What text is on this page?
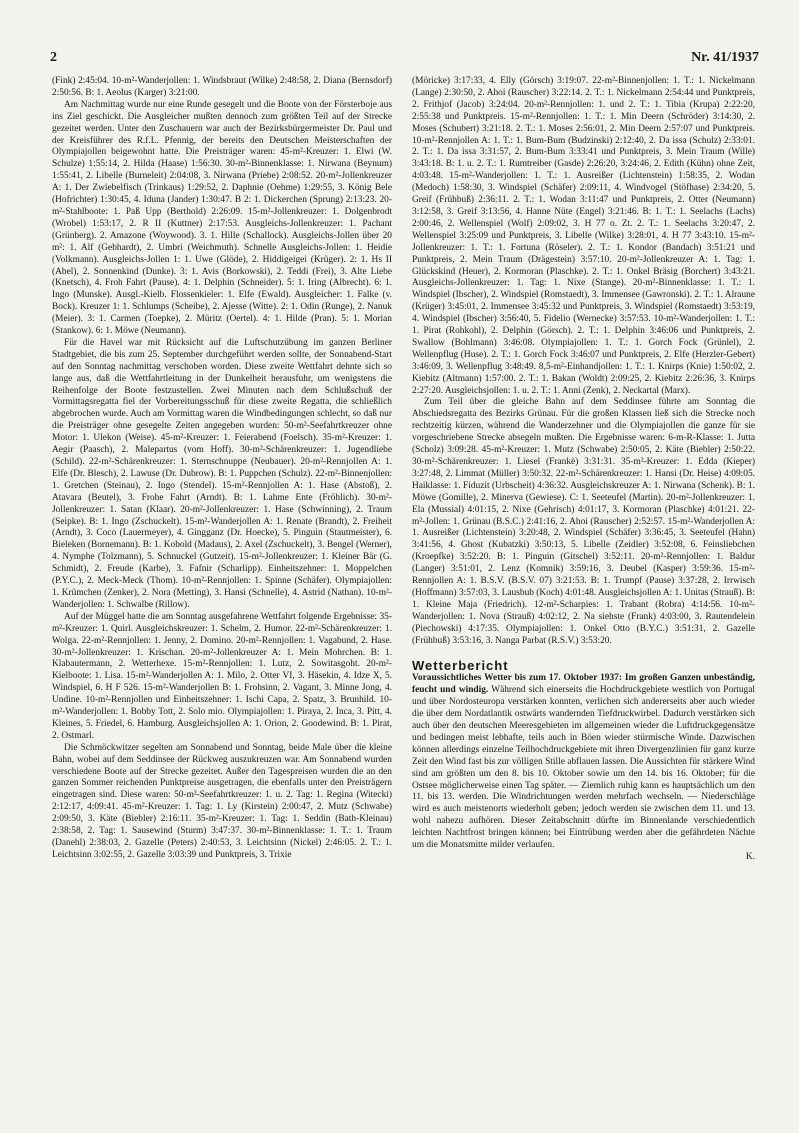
2	Nr. 41/1937

(Fink) 2:45:04. 10-m²-Wanderjollen: 1. Windsbraut (Wilke) 2:48:58, 2. Diana (Bernsdorf) 2:50:56. B: 1. Aeolus (Karger) 3:21:00.

Am Nachmittag wurde nur eine Runde gesegelt und die Boote von der Försterboje aus ins Ziel geschickt. Die Ausgleicher mußten dennoch zum größten Teil auf der Strecke gezeitet werden. Unter den Zuschauern war auch der Bezirksbürgermeister Dr. Paul und der Kreisführer des R.f.L. Pfennig, der bereits den Deutschen Meisterschaften der Olympiajollen beigewohnt hatte. Die Preisträger waren: 45-m²-Kreuzer: 1. Elwi (W. Schulze) 1:55:14, 2. Hilda (Haase) 1:56:30. 30-m²-Binnenklasse: 1. Nirwana (Beynum) 1:55:41, 2. Libelle (Burneleit) 2:04:08, 3. Nirwana (Priebe) 2:08:52. 20-m²-Jollenkreuzer A: 1. Der Zwiebelfisch (Trinkaus) 1:29:52, 2. Daphnie (Oehme) 1:29:55, 3. König Bele (Hofrichter) 1:30:45, 4. Iduna (Jander) 1:30:47. B 2: 1. Dickerchen (Sprung) 2:13:23. 20-m²-Stahlboote: 1. Paß Upp (Berthold) 2:26:09. 15-m²-Jollenkreuzer: 1. Dolgenbrodt (Wrobel) 1:53:17, 2. R II (Kuttner) 2:17:53. Ausgleichs-Jollenkreuzer: 1. Pachant (Grünberg). 2. Amazone (Woywood). 3. 1. Hille (Schallock). Ausgleichs-Jollen über 20 m²: 1. Alf (Gebhardt), 2. Umbri (Weichmuth). Schnelle Ausgleichs-Jollen: 1. Heidie (Volkmann). Ausgleichs-Jollen 1: 1. Uwe (Glöde), 2. Hiddigeigei (Krüger). 2: 1. Hs II (Abel), 2. Sonnenkind (Dunke). 3: 1. Avis (Borkowski), 2. Teddi (Frei), 3. Alte Liebe (Knetsch), 4. Froh Fahrt (Pause). 4: 1. Delphin (Schneider). 5: 1. Iring (Albrecht). 6: 1. Ingo (Munske). Ausgl.-Kielb. Flossenkieler: 1. Elfe (Ewald). Ausgleicher: 1. Falke (v. Bock). Kreuzer 1: 1. Schlumps (Scheibe), 2. Ajesse (Witte). 2: 1. Odin (Runge), 2. Nanuk (Meier). 3: 1. Carmen (Toepke), 2. Müritz (Oertel). 4: 1. Hilde (Pran). 5: 1. Morian (Stankow). 6: 1. Möwe (Neumann).

Für die Havel war mit Rücksicht auf die Luftschutzübung im ganzen Berliner Stadtgebiet, die bis zum 25. September durchgeführt werden sollte, der Sonnabend-Start auf den Sonntag nachmittag verschoben worden. Diese zweite Wettfahrt dehnte sich so lange aus, daß die Wettfahrtleitung in der Dunkelheit herausfuhr, um wenigstens die Reihenfolge der Boote festzustellen. Zwei Minuten nach dem Schlußschuß der Vormittagsregatta fiel der Vorbereitungsschuß für diese zweite Regatta, die schließlich abgebrochen wurde. Auch am Vormittag waren die Windbedingungen schlecht, so daß nur die Preisträger ohne gesegelte Zeiten angegeben wurden: 50-m²-Seefahrtkreuzer ohne Motor: 1. Ulekon (Weise). 45-m²-Kreuzer: 1. Feierabend (Foelsch). 35-m²-Kreuzer: 1. Aegir (Paasch), 2. Malepartus (vom Hoff). 30-m²-Schärenkreuzer: 1. Jugendliebe (Schild). 22-m²-Schärenkreuzer: 1. Sternschnuppe (Neubauer). 20-m²-Rennjollen A: 1. Elfe (Dr. Blesch), 2. Lawuse (Dr. Dubrow). B: 1. Puppchen (Schulz). 22-m²-Binnenjollen: 1. Gretchen (Steinau), 2. Ingo (Stendel). 15-m²-Rennjollen A: 1. Hase (Abstoß), 2. Atavara (Beutel), 3. Frohe Fahrt (Arndt). B: 1. Lahme Ente (Fröhlich). 30-m²-Jollenkreuzer: 1. Satan (Klaar). 20-m²-Jollenkreuzer: 1. Hase (Schwinning), 2. Traum (Seipke). B: 1. Ingo (Zschuckelt). 15-m²-Wanderjollen A: 1. Renate (Brandt), 2. Freiheit (Arndt), 3. Coco (Lauermeyer), 4. Gingganz (Dr. Hoecke), 5. Pinguin (Stautmeister), 6. Bieleken (Bornemann). B: 1. Kobold (Madaus), 2. Axel (Zschuckelt), 3. Bengel (Werner), 4. Nymphe (Tolzmann), 5. Schnuckel (Gutzeit). 15-m²-Jollenkreuzer: 1. Kleiner Bär (G. Schmidt), 2. Freude (Karbe), 3. Fafnir (Scharlipp). Einheitszehner: 1. Moppelchen (P.Y.C.), 2. Meck-Meck (Thom). 10-m²-Rennjollen: 1. Spinne (Schäfer). Olympiajollen: 1. Krümchen (Zenker), 2. Nora (Metting), 3. Hansi (Schnelle), 4. Astrid (Nathan). 10-m²-Wanderjollen: 1. Schwalbe (Rillow).

Auf der Müggel hatte die am Sonntag ausgefahrene Wettfahrt folgende Ergebnisse: 35-m²-Kreuzer: 1. Quirl. Ausgleichskreuzer: 1. Schelm, 2. Humor. 22-m²-Schärenkreuzer: 1. Wolga. 22-m²-Rennjollen: 1. Jenny, 2. Domino. 20-m²-Rennjollen: 1. Vagabund, 2. Hase. 30-m²-Jollenkreuzer: 1. Krischan. 20-m²-Jollenkreuzer A: 1. Mein Mohrchen. B: 1. Klabautermann, 2. Wetterhexe. 15-m²-Rennjollen: 1. Lutz, 2. Sowitasgoht. 20-m²-Kielboote: 1. Lisa. 15-m²-Wanderjollen A: 1. Milo, 2. Otter VI, 3. Häsekin, 4. Idze X, 5. Windspiel, 6. H F 526. 15-m²-Wanderjollen B: 1. Frohsinn, 2. Vagant, 3. Minne Jong, 4. Undine. 10-m²-Rennjollen und Einheitszehner: 1. Ischi Capa, 2. Spatz, 3. Brunhild. 10-m²-Wanderjollen: 1. Bobby Tott, 2. Solo mio. Olympiajollen: 1. Piraya, 2. Inca, 3. Pitt, 4. Kleines, 5. Friedel, 6. Hamburg. Ausgleichsjollen A: 1. Orion, 2. Goodewind. B: 1. Pirat, 2. Ostmarl.

Die Schmöckwitzer segelten am Sonnabend und Sonntag, beide Male über die kleine Bahn, wobei auf dem Seddinsee der Rückweg auszukreuzen war. Am Sonnabend wurden verschiedene Boote auf der Strecke gezeitet. Außer den Tagespreisen wurden die an den ganzen Sommer reichenden Punktpreise ausgetragen, die ebenfalls unter den Preisträgern eingetragen sind. Diese waren: 50-m²-Seefahrtkreuzer: 1. u. 2. Tag: 1. Regina (Witecki) 2:12:17, 4:09:41. 45-m²-Kreuzer: 1. Tag: 1. Ly (Kirstein) 2:00:47, 2. Mutz (Schwabe) 2:09:50, 3. Käte (Biebler) 2:16:11. 35-m²-Kreuzer: 1. Tag: 1. Seddin (Bath-Kleinau) 2:38:58, 2. Tag: 1. Sausewind (Sturm) 3:47:37. 30-m²-Binnenklasse: 1. T.: 1. Traum (Danehl) 2:38:03, 2. Gazelle (Peters) 2:40:53, 3. Leichtsinn (Nickel) 2:46:05. 2. T.: 1. Leichtsinn 3:02:55, 2. Gazelle 3:03:39 und Punktpreis, 3. Trixie

(Möricke) 3:17:33, 4. Elly (Görsch) 3:19:07. 22-m²-Binnenjollen: 1. T.: 1. Nickelmann (Lange) 2:30:50, 2. Ahoi (Rauscher) 3:22:14. 2. T.: 1. Nickelmann 2:54:44 und Punktpreis, 2. Frithjof (Jacob) 3:24:04. 20-m²-Rennjollen: 1. und 2. T.: 1. Tibia (Krupa) 2:22:20, 2:55:38 und Punktpreis. 15-m²-Rennjollen: 1. T.: 1. Min Deern (Schröder) 3:14:30, 2. Moses (Schubert) 3:21:18. 2. T.: 1. Moses 2:56:01, 2. Min Deern 2:57:07 und Punktpreis. 10-m²-Rennjollen A: 1. T.: 1. Bum-Bum (Budzinski) 2:12:40, 2. Da issa (Schulz) 2:33:01. 2. T.: 1. Da issa 3:31:57, 2. Bum-Bum 3:33:41 und Punktpreis, 3. Mein Traum (Wille) 3:43:18. B: 1. u. 2. T.: 1. Rumtreiber (Gasde) 2:26:20, 3:24:46, 2. Edith (Kühn) ohne Zeit, 4:03:48. 15-m²-Wanderjollen: 1. T.: 1. Ausreißer (Lichtenstein) 1:58:35, 2. Wodan (Medoch) 1:58:30, 3. Windspiel (Schäfer) 2:09:11, 4. Windvogel (Stöfhase) 2:34:20, 5. Greif (Frühbuß) 2:36:11. 2. T.: 1. Wodan 3:11:47 und Punktpreis, 2. Otter (Neumann) 3:12:58, 3. Greif 3:13:56, 4. Hanne Nüte (Engel) 3:21:46. B: 1. T.: 1. Seelachs (Lachs) 2:00:46, 2. Wellenspiel (Wolf) 2:09:02, 3. H 77 o. Zt. 2. T.: 1. Seelachs 3:20:47, 2. Wellenspiel 3:25:09 und Punktpreis, 3. Libelle (Wilke) 3:28:01, 4. H 77 3:43:10. 15-m²-Jollenkreuzer: 1. T.: 1. Fortuna (Röseler). 2. T.: 1. Kondor (Bandach) 3:51:21 und Punktpreis, 2. Mein Traum (Drägestein) 3:57:10. 20-m²-Jollenkreuzer A: 1. Tag: 1. Glückskind (Heuer), 2. Kormoran (Plaschke). 2. T.: 1. Onkel Bräsig (Borchert) 3:43:21. Ausgleichs-Jollenkreuzer: 1. Tag: 1. Nixe (Stange). 20-m²-Binnenklasse: 1. T.: 1. Windspiel (Ibscher), 2. Windspiel (Romstaedt), 3. Immensee (Gawronski). 2. T.: 1. Alraune (Krüger) 3:45:01, 2. Immensee 3:45:32 und Punktpreis, 3. Windspiel (Romstaedt) 3:53:19, 4. Windspiel (Ibscher) 3:56:40, 5. Fidelio (Wernecke) 3:57:53. 10-m²-Wanderjollen: 1. T.: 1. Pirat (Rohkohl), 2. Delphin (Görsch). 2. T.: 1. Delphin 3:46:06 und Punktpreis, 2. Swallow (Bohlmann) 3:46:08. Olympiajollen: 1. T.: 1. Gorch Fock (Grünlel), 2. Wellenpflug (Huse). 2. T.: 1. Gorch Fock 3:46:07 und Punktpreis, 2. Elfe (Herzler-Gebert) 3:46:09, 3. Wellenpflug 3:48:49. 8,5-m²-Einhandjollen: 1. T.: 1. Knirps (Knie) 1:50:02, 2. Kiebitz (Altmann) 1:57:00. 2. T.: 1. Bakan (Woldt) 2:09:25, 2. Kiebitz 2:26:36, 3. Knirps 2:27:20. Ausgleichsjollen: 1. u. 2. T.: 1. Anni (Zenk), 2. Neckartal (Marx).

Zum Teil über die gleiche Bahn auf dem Seddinsee führte am Sonntag die Abschiedsregatta des Bezirks Grünau. Für die großen Klassen ließ sich die Strecke noch rechtzeitig kürzen, während die Wanderzehner und die Olympiajollen die ganze für sie vorgeschriebene Strecke absegeln mußten. Die Ergebnisse waren: 6-m-R-Klasse: 1. Jutta (Scholz) 3:09:28. 45-m²-Kreuzer: 1. Mutz (Schwabe) 2:50:05, 2. Käte (Biebler) 2:50:22. 30-m²-Schärenkreuzer: 1. Liesel (Frankè) 3:31:31. 35-m²-Kreuzer: 1. Edda (Kieper) 3:27:48, 2. Limmat (Müller) 3:50:32. 22-m²-Schärenkreuzer: 1. Hansi (Dr. Heise) 4:09:05. Haiklasse: 1. Fiduzit (Urbscheit) 4:36:32. Ausgleichskreuzer A: 1. Nirwana (Schenk). B: 1. Möwe (Gomille), 2. Minerva (Gewiese). C: 1. Seeteufel (Martin). 20-m²-Jollenkreuzer: 1. Ela (Mussial) 4:01:15, 2. Nixe (Gehrisch) 4:01:17, 3. Kormoran (Plaschke) 4:01:21. 22-m²-Jollen: 1. Grünau (B.S.C.) 2:41:16, 2. Ahoi (Rauscher) 2:52:57. 15-m²-Wanderjollen A: 1. Ausreißer (Lichtenstein) 3:20:48, 2. Windspiel (Schäfer) 3:36:45, 3. Seeteufel (Hahn) 3:41:56, 4. Ghost (Kubatzki) 3:50:13, 5. Libelle (Zeidler) 3:52:08, 6. Feinsliebchen (Kroepfke) 3:52:20. B: 1. Pinguin (Gitschel) 3:52:11. 20-m²-Rennjollen: 1. Baldur (Langer) 3:51:01, 2. Lenz (Komnik) 3:59:16, 3. Deubel (Kasper) 3:59:36. 15-m²-Rennjollen A: 1. B.S.V. (B.S.V. 07) 3:21:53. B: 1. Trumpf (Pause) 3:37:28, 2. Irrwisch (Hoffmann) 3:57:03, 3. Lausbub (Koch) 4:01:48. Ausgleichsjollen A: 1. Unitas (Strauß). B: 1. Kleine Maja (Friedrich). 12-m²-Scharpies: 1. Trabant (Robra) 4:14:56. 10-m²-Wanderjollen: 1. Nova (Strauß) 4:02:12, 2. Na siehste (Frank) 4:03:00, 3. Rautendelein (Piechowski) 4:17:35. Olympiajollen: 1. Onkel Otto (B.Y.C.) 3:51:31, 2. Gazelle (Frühbuß) 3:53:16, 3. Nanga Parbat (R.S.V.) 3:53:20.

Wetterbericht

Voraussichtliches Wetter bis zum 17. Oktober 1937: Im großen Ganzen unbeständig, feucht und windig. Während sich einerseits die Hochdruckgebiete westlich von Portugal und über Nordosteuropa verstärken konnten, verlichen sich andererseits aber auch wieder die über dem Nordatlantik ostwärts wandernden Tiefdruckwirbel. Dadurch verstärken sich auch über den deutschen Meeresgebieten im allgemeinen wieder die Luftdruckgegensätze und bedingen meist lebhafte, teils auch in Böen wieder stürmische Winde. Dazwischen können allerdings einzelne Teilhochdruckgebiete mit ihren Divergenzlinien für ganz kurze Zeit den Wind fast bis zur völligen Stille abflauen lassen. Die Aussichten für stärkere Wind sind am größten um den 8. bis 10. Oktober sowie um den 14. bis 16. Oktober; für die Ostsee möglicherweise einen Tag später. — Ziemlich ruhig kann es hauptsächlich um den 11. bis 13. werden. Die Windrichtungen werden mehrfach wechseln. — Niederschläge wird es auch meistenorts wiederholt geben; jedoch werden sie zwischen dem 11. und 13. wohl nahezu aufhören. Dieser Zeitabschnitt dürfte im Binnenlande verschiedentlich leichten Nachtfrost bringen können; bei Eintrübung werden aber die gefährdeten Nächte um die Monatsmitte milder verlaufen.

K.
